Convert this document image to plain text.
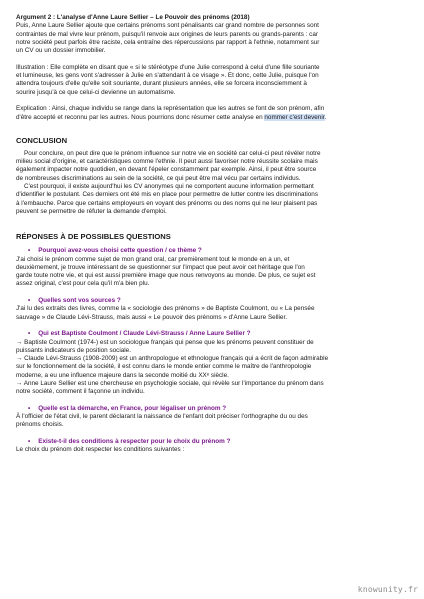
Argument 2 : L'analyse d'Anne Laure Sellier – Le Pouvoir des prénoms (2018)

Puis, Anne Laure Sellier ajoute que certains prénoms sont pénalisants car grand nombre de personnes sont

contraintes de mal vivre leur prénom, puisqu'il renvoie aux origines de leurs parents ou grands-parents : car

notre société peut parfois être raciste, cela entraîne des répercussions par rapport à l'ethnie, notamment sur

un CV ou un dossier immobilier.

Illustration : Elle complète en disant que « si le stéréotype d'une Julie correspond à celui d'une fille souriante

et lumineuse, les gens vont s'adresser à Julie en s'attendant à ce visage ». Et donc, cette Julie, puisque l'on

attendra toujours d'elle qu'elle soit souriante, durant plusieurs années, elle se forcera inconsciemment à

sourire jusqu'à ce que celui-ci devienne un automatisme.

Explication : Ainsi, chaque individu se range dans la représentation que les autres se font de son prénom, afin

d'être accepté et reconnu par les autres. Nous pourrions donc résumer cette analyse en nommer c'est devenir.

CONCLUSION

Pour conclure, on peut dire que le prénom influence sur notre vie en société car celui-ci peut révéler notre

milieu social d'origine, et caractéristiques comme l'ethnie. Il peut aussi favoriser notre réussite scolaire mais

également impacter notre quotidien, en devant l'épeler constamment par exemple. Ainsi, il peut être source

de nombreuses discriminations au sein de la société, ce qui peut être mal vécu par certains individus.

C'est pourquoi, il existe aujourd'hui les CV anonymes qui ne comportent aucune information permettant

d'identifier le postulant. Ces derniers ont été mis en place pour permettre de lutter contre les discriminations

à l'embauche. Parce que certains employeurs en voyant des prénoms ou des noms qui ne leur plaisent pas

peuvent se permettre de réfuter la demande d'emploi.

RÉPONSES À DE POSSIBLES QUESTIONS

• Pourquoi avez-vous choisi cette question / ce thème ?

J'ai choisi le prénom comme sujet de mon grand oral, car premièrement tout le monde en a un, et

deuxièmement, je trouve intéressant de se questionner sur l'impact que peut avoir cet héritage que l'on

garde toute notre vie, et qui est aussi première image que nous renvoyons au monde. De plus, ce sujet est

assez original, c'est pour cela qu'il m'a bien plu.

• Quelles sont vos sources ?

J'ai lu des extraits des livres, comme la « sociologie des prénoms » de Baptiste Coulmont, ou « La pensée

sauvage » de Claude Lévi-Strauss, mais aussi « Le pouvoir des prénoms » d'Anne Laure Sellier.

• Qui est Baptiste Coulmont / Claude Lévi-Strauss / Anne Laure Sellier ?

→ Baptiste Coulmont (1974-) est un sociologue français qui pense que les prénoms peuvent constituer de

puissants indicateurs de position sociale.

→ Claude Lévi-Strauss (1908-2009) est un anthropologue et ethnologue français qui a écrit de façon admirable

sur le fonctionnement de la société, il est connu dans le monde entier comme le maître de l'anthropologie

moderne, a eu une influence majeure dans la seconde moitié du XXᵉ siècle.

→ Anne Laure Sellier est une chercheuse en psychologie sociale, qui révèle sur l'importance du prénom dans

notre société, comment il façonne un individu.

• Quelle est la démarche, en France, pour légaliser un prénom ?

À l'officier de l'état civil, le parent déclarant la naissance de l'enfant doit préciser l'orthographe du ou des

prénoms choisis.

• Existe-t-il des conditions à respecter pour le choix du prénom ?

Le choix du prénom doit respecter les conditions suivantes :

knowunity.fr
